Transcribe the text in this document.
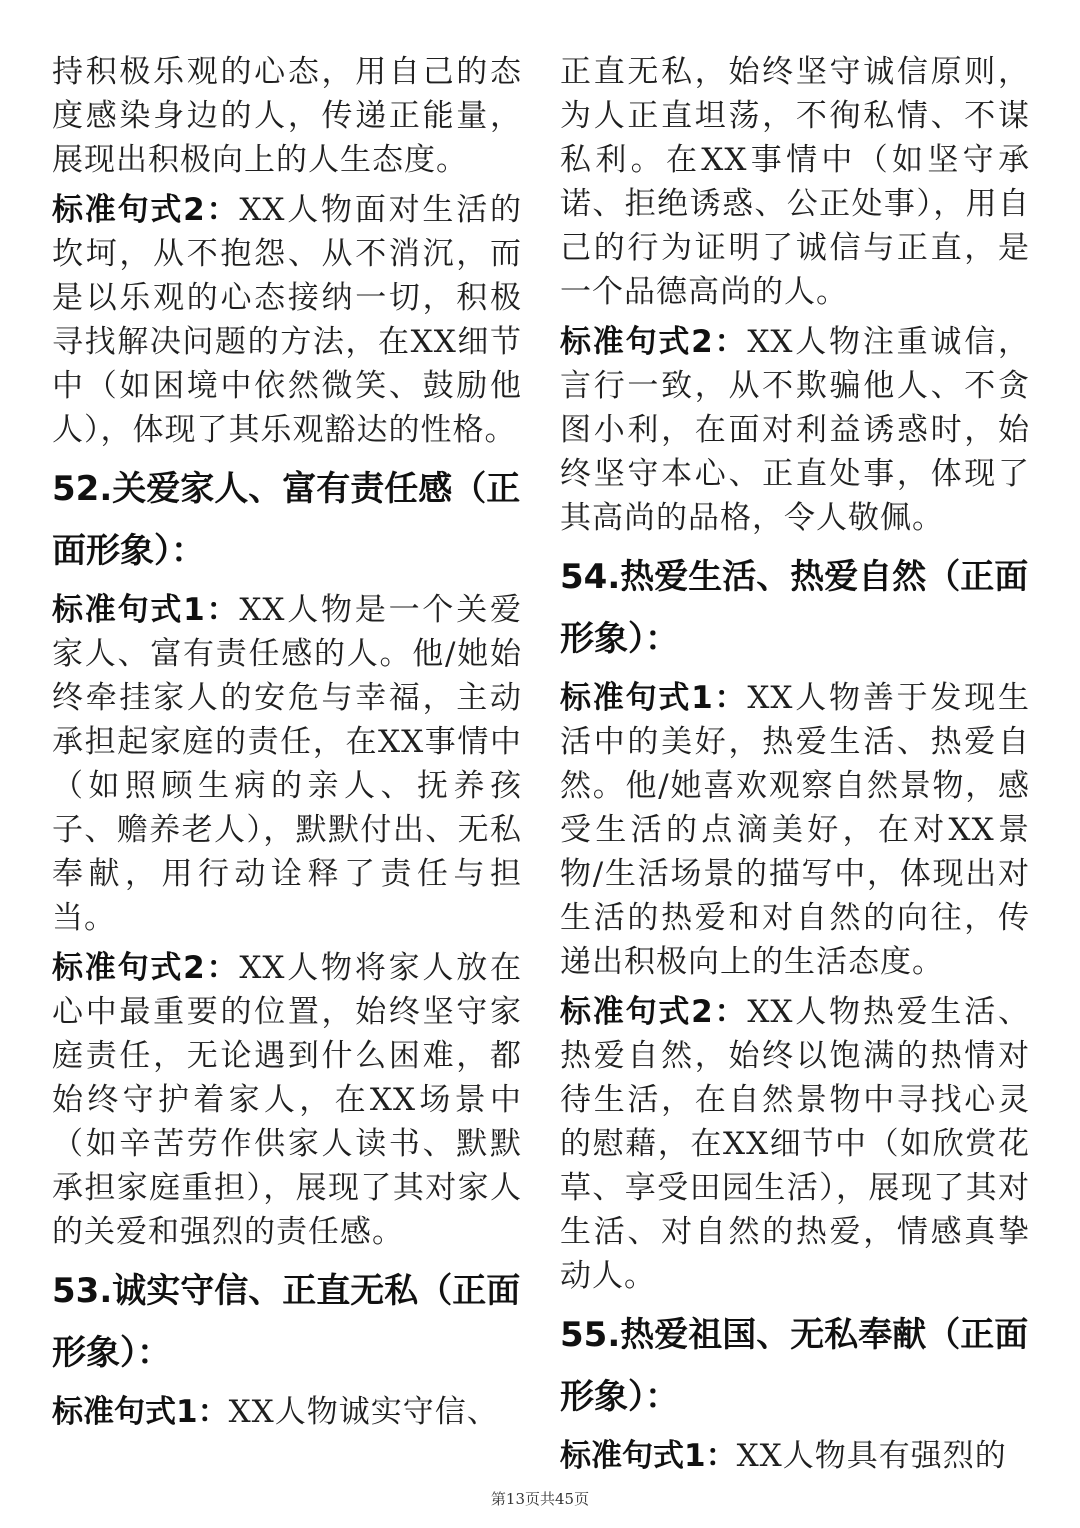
持积极乐观的心态，用自己的态度感染身边的人，传递正能量，展现出积极向上的人生态度。

标准句式2：XX人物面对生活的坎坷，从不抱怨、从不消沉，而是以乐观的心态接纳一切，积极寻找解决问题的方法，在XX细节中（如困境中依然微笑、鼓励他人），体现了其乐观豁达的性格。

52.关爱家人、富有责任感（正面形象）：

标准句式1：XX人物是一个关爱家人、富有责任感的人。他/她始终牵挂家人的安危与幸福，主动承担起家庭的责任，在XX事情中（如照顾生病的亲人、抚养孩子、赡养老人），默默付出、无私奉献，用行动诠释了责任与担当。

标准句式2：XX人物将家人放在心中最重要的位置，始终坚守家庭责任，无论遇到什么困难，都始终守护着家人，在XX场景中（如辛苦劳作供家人读书、默默承担家庭重担），展现了其对家人的关爱和强烈的责任感。

53.诚实守信、正直无私（正面形象）：

标准句式1：XX人物诚实守信、

正直无私，始终坚守诚信原则，为人正直坦荡，不徇私情、不谋私利。在XX事情中（如坚守承诺、拒绝诱惑、公正处事），用自己的行为证明了诚信与正直，是一个品德高尚的人。

标准句式2：XX人物注重诚信，言行一致，从不欺骗他人、不贪图小利，在面对利益诱惑时，始终坚守本心、正直处事，体现了其高尚的品格，令人敬佩。

54.热爱生活、热爱自然（正面形象）：

标准句式1：XX人物善于发现生活中的美好，热爱生活、热爱自然。他/她喜欢观察自然景物，感受生活的点滴美好，在对XX景物/生活场景的描写中，体现出对生活的热爱和对自然的向往，传递出积极向上的生活态度。

标准句式2：XX人物热爱生活、热爱自然，始终以饱满的热情对待生活，在自然景物中寻找心灵的慰藉，在XX细节中（如欣赏花草、享受田园生活），展现了其对生活、对自然的热爱，情感真挚动人。

55.热爱祖国、无私奉献（正面形象）：

标准句式1：XX人物具有强烈的

第13页共45页
